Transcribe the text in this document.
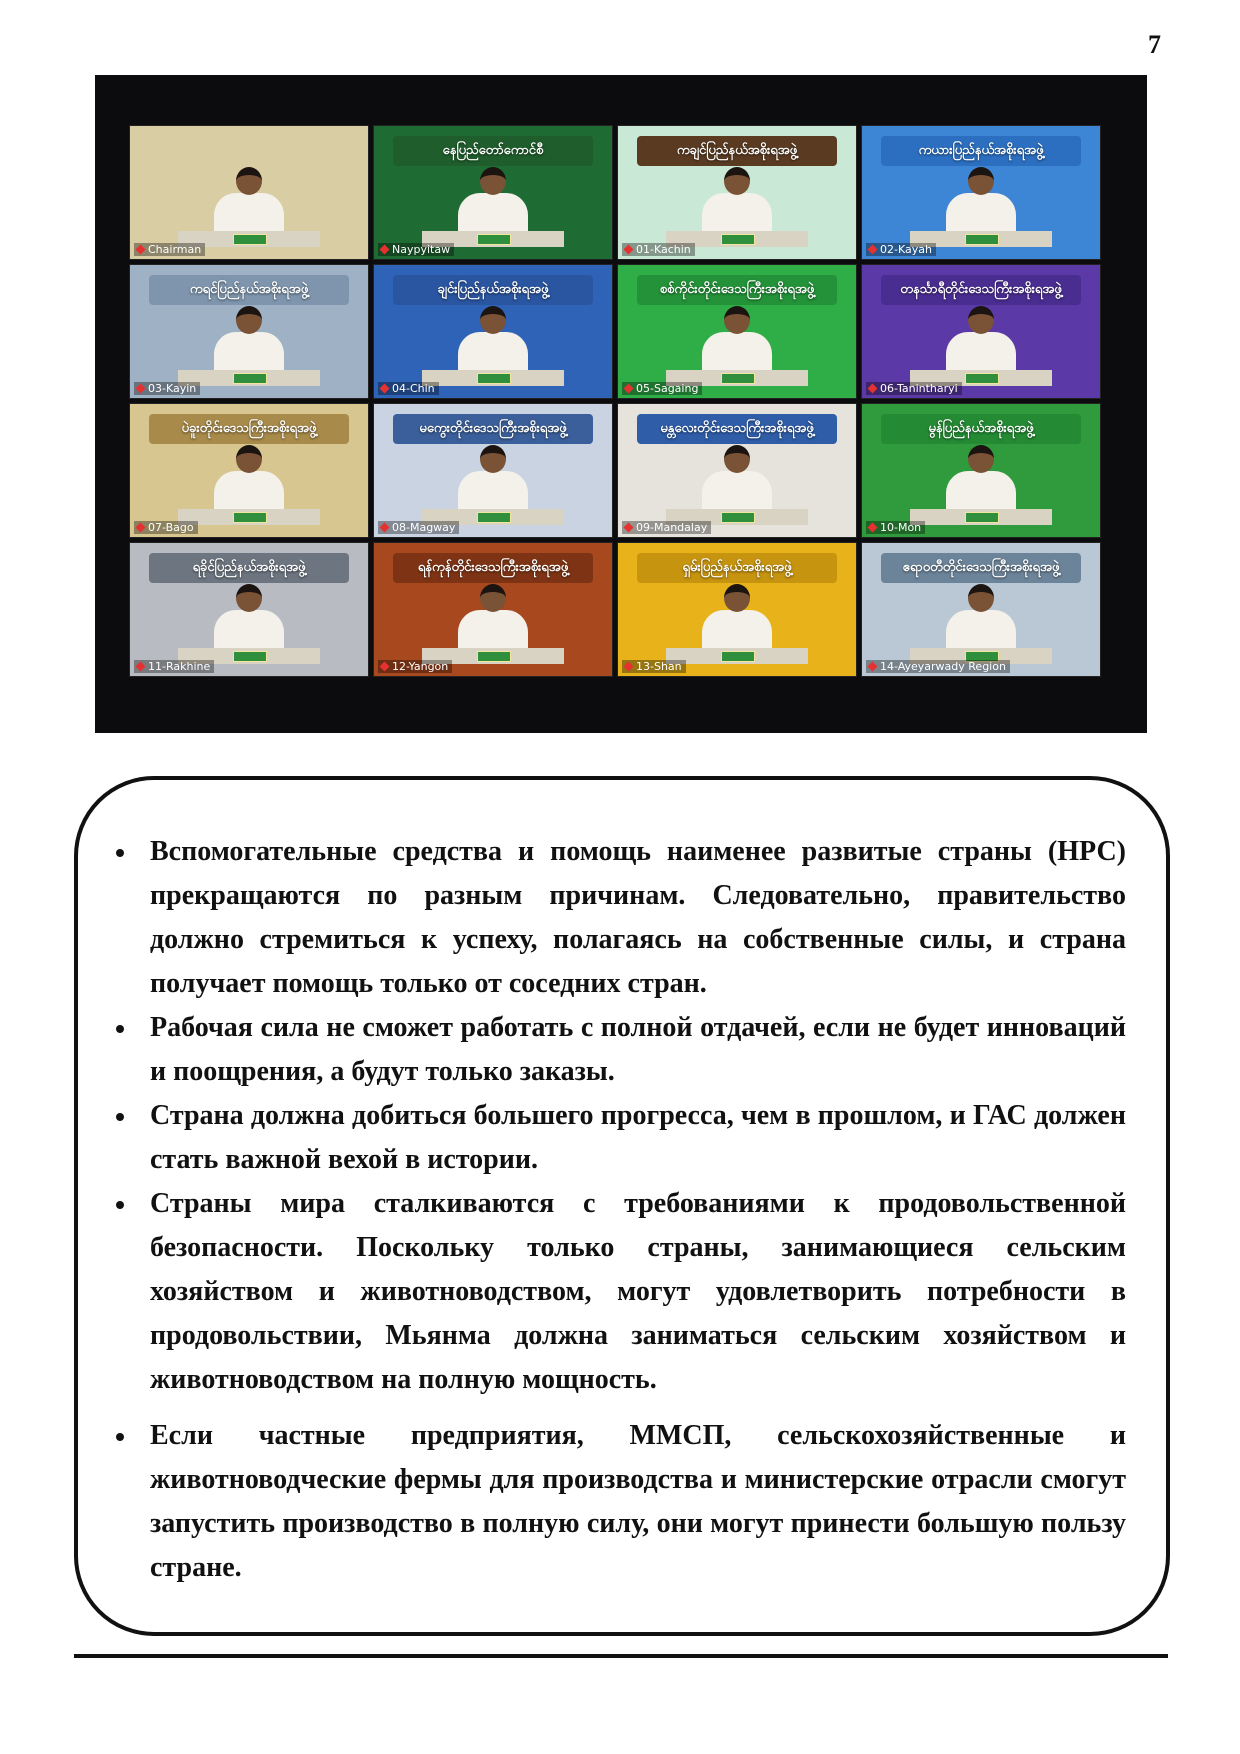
7
Chairman
နေပြည်တော်ကောင်စီ
Naypyitaw
ကချင်ပြည်နယ်အစိုးရအဖွဲ့
01-Kachin
ကယားပြည်နယ်အစိုးရအဖွဲ့
02-Kayah
ကရင်ပြည်နယ်အစိုးရအဖွဲ့
03-Kayin
ချင်းပြည်နယ်အစိုးရအဖွဲ့
04-Chin
စစ်ကိုင်းတိုင်းဒေသကြီးအစိုးရအဖွဲ့
05-Sagaing
တနင်္သာရီတိုင်းဒေသကြီးအစိုးရအဖွဲ့
06-Tanintharyi
ပဲခူးတိုင်းဒေသကြီးအစိုးရအဖွဲ့
07-Bago
မကွေးတိုင်းဒေသကြီးအစိုးရအဖွဲ့
08-Magway
မန္တလေးတိုင်းဒေသကြီးအစိုးရအဖွဲ့
09-Mandalay
မွန်ပြည်နယ်အစိုးရအဖွဲ့
10-Mon
ရခိုင်ပြည်နယ်အစိုးရအဖွဲ့
11-Rakhine
ရန်ကုန်တိုင်းဒေသကြီးအစိုးရအဖွဲ့
12-Yangon
ရှမ်းပြည်နယ်အစိုးရအဖွဲ့
13-Shan
ဧရာဝတီတိုင်းဒေသကြီးအစိုးရအဖွဲ့
14-Ayeyarwady Region
Вспомогательные средства и помощь наименее развитые страны (НРС) прекращаются по разным причинам. Следовательно, правительство должно стремиться к успеху, полагаясь на собственные силы, и страна получает помощь только от соседних стран.
Рабочая сила не сможет работать с полной отдачей, если не будет инноваций и поощрения, а будут только заказы.
Страна должна добиться большего прогресса, чем в прошлом, и ГАС должен стать важной вехой в истории.
Страны мира сталкиваются с требованиями к продовольственной безопасности. Поскольку только страны, занимающиеся сельским хозяйством и животноводством, могут удовлетворить потребности в продовольствии, Мьянма должна заниматься сельским хозяйством и животноводством на полную мощность.
Если частные предприятия, ММСП, сельскохозяйственные и животноводческие фермы для производства и министерские отрасли смогут запустить производство в полную силу, они могут принести большую пользу стране.
